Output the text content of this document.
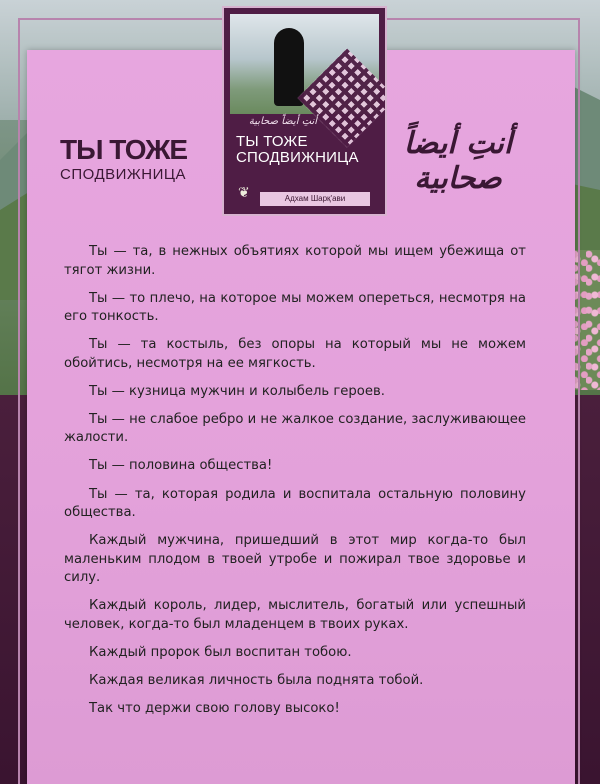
أنتِ أيضاً صحابية
ТЫ ТОЖЕ СПОДВИЖНИЦА
❦	Адхам Шарқ'ави
ТЫ ТОЖЕ
СПОДВИЖНИЦА
أنتِ أيضاً صحابية

Ты — та, в нежных объятиях которой мы ищем убежища от тягот жизни.

Ты — то плечо, на которое мы можем опереться, несмотря на его тонкость.

Ты — та костыль, без опоры на который мы не можем обойтись, несмотря на ее мягкость.

Ты — кузница мужчин и колыбель героев.

Ты — не слабое ребро и не жалкое создание, заслуживающее жалости.

Ты — половина общества!

Ты — та, которая родила и воспитала остальную половину общества.

Каждый мужчина, пришедший в этот мир когда-то был маленьким плодом в твоей утробе и пожирал твое здоровье и силу.

Каждый король, лидер, мыслитель, богатый или успешный человек, когда-то был младенцем в твоих руках.

Каждый пророк был воспитан тобою.

Каждая великая личность была поднята тобой.

Так что держи свою голову высоко!
